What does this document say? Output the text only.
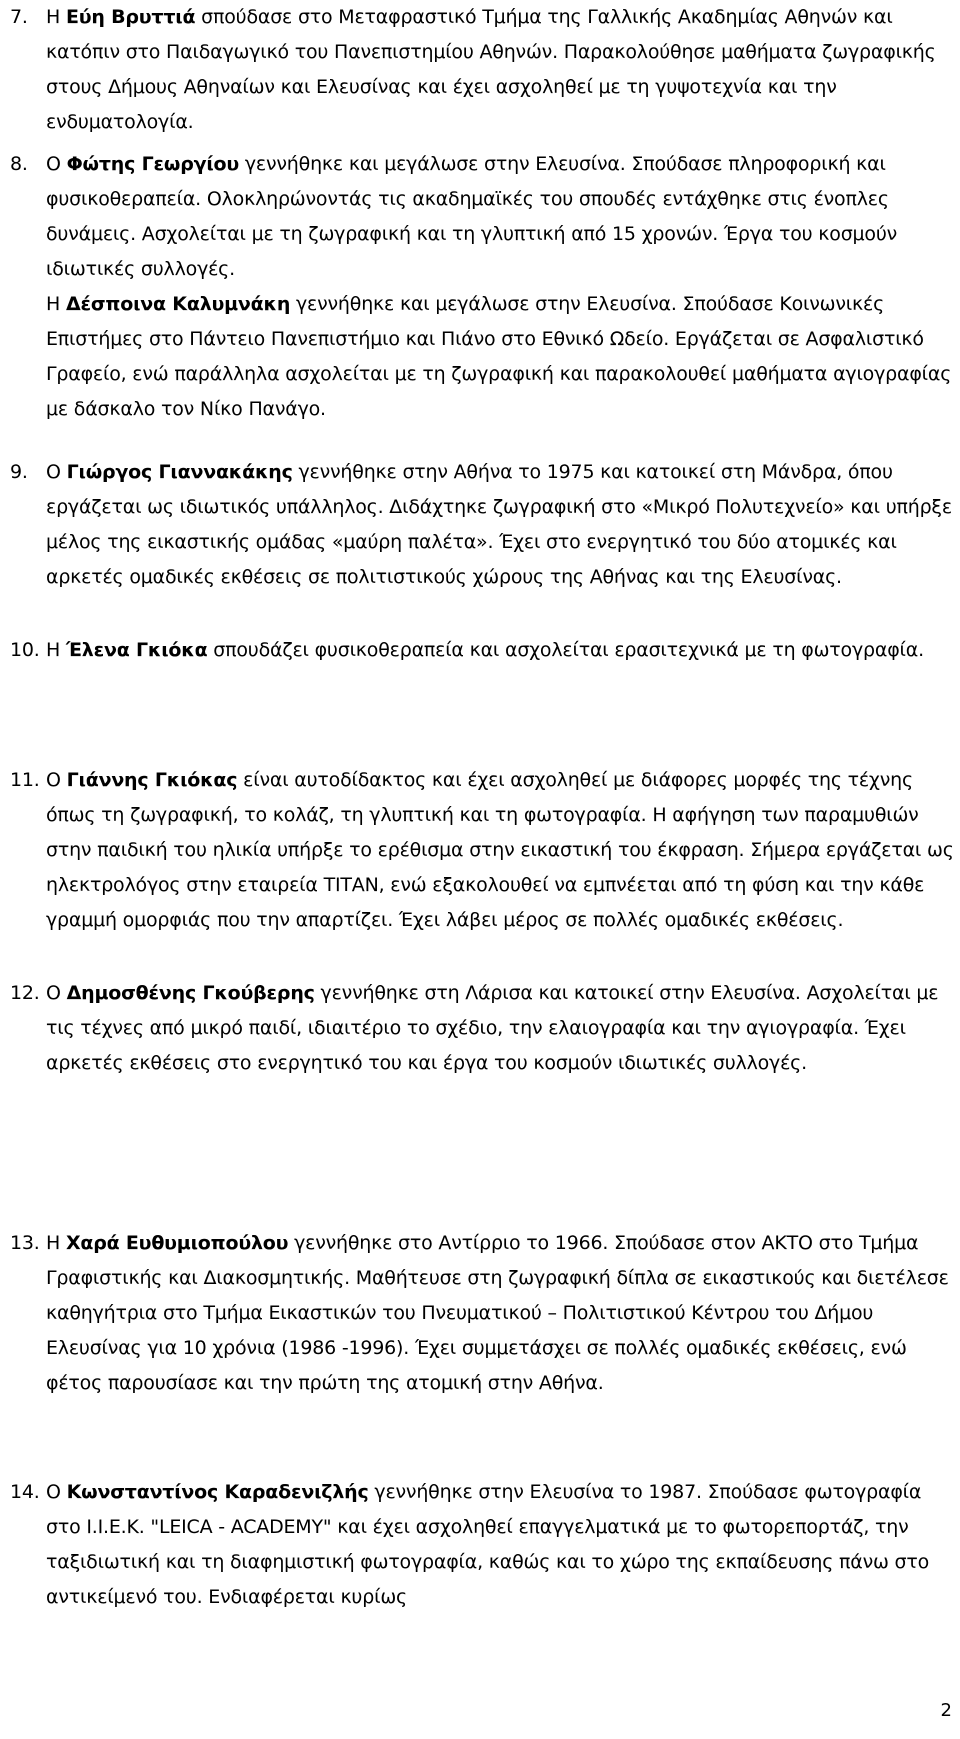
7. Η Εύη Βρυττιά σπούδασε στο Μεταφραστικό Τμήμα της Γαλλικής Ακαδημίας Αθηνών και κατόπιν στο Παιδαγωγικό του Πανεπιστημίου Αθηνών. Παρακολούθησε μαθήματα ζωγραφικής στους Δήμους Αθηναίων και Ελευσίνας και έχει ασχοληθεί με τη γυψοτεχνία και την ενδυματολογία.

8. Ο Φώτης Γεωργίου γεννήθηκε και μεγάλωσε στην Ελευσίνα. Σπούδασε πληροφορική και φυσικοθεραπεία. Ολοκληρώνοντάς τις ακαδημαϊκές του σπουδές εντάχθηκε στις ένοπλες δυνάμεις. Ασχολείται με τη ζωγραφική και τη γλυπτική από 15 χρονών. Έργα του κοσμούν ιδιωτικές συλλογές.

Η Δέσποινα Καλυμνάκη γεννήθηκε και μεγάλωσε στην Ελευσίνα. Σπούδασε Κοινωνικές Επιστήμες στο Πάντειο Πανεπιστήμιο και Πιάνο στο Εθνικό Ωδείο. Εργάζεται σε Ασφαλιστικό Γραφείο, ενώ παράλληλα ασχολείται με τη ζωγραφική και παρακολουθεί μαθήματα αγιογραφίας με δάσκαλο τον Νίκο Πανάγο.

9. Ο Γιώργος Γιαννακάκης γεννήθηκε στην Αθήνα το 1975 και κατοικεί στη Μάνδρα, όπου εργάζεται ως ιδιωτικός υπάλληλος. Διδάχτηκε ζωγραφική στο «Μικρό Πολυτεχνείο» και υπήρξε μέλος της εικαστικής ομάδας «μαύρη παλέτα». Έχει στο ενεργητικό του δύο ατομικές και αρκετές ομαδικές εκθέσεις σε πολιτιστικούς χώρους της Αθήνας και της Ελευσίνας.

10. Η Έλενα Γκιόκα σπουδάζει φυσικοθεραπεία και ασχολείται ερασιτεχνικά με τη φωτογραφία.

11. Ο Γιάννης Γκιόκας είναι αυτοδίδακτος και έχει ασχοληθεί με διάφορες μορφές της τέχνης όπως τη ζωγραφική, το κολάζ, τη γλυπτική και τη φωτογραφία. Η αφήγηση των παραμυθιών στην παιδική του ηλικία υπήρξε το ερέθισμα στην εικαστική του έκφραση. Σήμερα εργάζεται ως ηλεκτρολόγος στην εταιρεία ΤΙΤΑΝ, ενώ εξακολουθεί να εμπνέεται από τη φύση και την κάθε γραμμή ομορφιάς που την απαρτίζει. Έχει λάβει μέρος σε πολλές ομαδικές εκθέσεις.

12. Ο Δημοσθένης Γκούβερης γεννήθηκε στη Λάρισα και κατοικεί στην Ελευσίνα. Ασχολείται με τις τέχνες από μικρό παιδί, ιδιαιτέριο το σχέδιο, την ελαιογραφία και την αγιογραφία. Έχει αρκετές εκθέσεις στο ενεργητικό του και έργα του κοσμούν ιδιωτικές συλλογές.

13. Η Χαρά Ευθυμιοπούλου γεννήθηκε στο Αντίρριο το 1966. Σπούδασε στον ΑΚΤΟ στο Τμήμα Γραφιστικής και Διακοσμητικής. Μαθήτευσε στη ζωγραφική δίπλα σε εικαστικούς και διετέλεσε καθηγήτρια στο Τμήμα Εικαστικών του Πνευματικού – Πολιτιστικού Κέντρου του Δήμου Ελευσίνας για 10 χρόνια (1986 -1996). Έχει συμμετάσχει σε πολλές ομαδικές εκθέσεις, ενώ φέτος παρουσίασε και την πρώτη της ατομική στην Αθήνα.

14. Ο Κωνσταντίνος Καραδενιζλής γεννήθηκε στην Ελευσίνα το 1987. Σπούδασε φωτογραφία στο Ι.Ι.Ε.Κ. "LEICA - ACADEMY" και έχει ασχοληθεί επαγγελματικά με το φωτορεπορτάζ, την ταξιδιωτική και τη διαφημιστική φωτογραφία, καθώς και το χώρο της εκπαίδευσης πάνω στο αντικείμενό του. Ενδιαφέρεται κυρίως

2
